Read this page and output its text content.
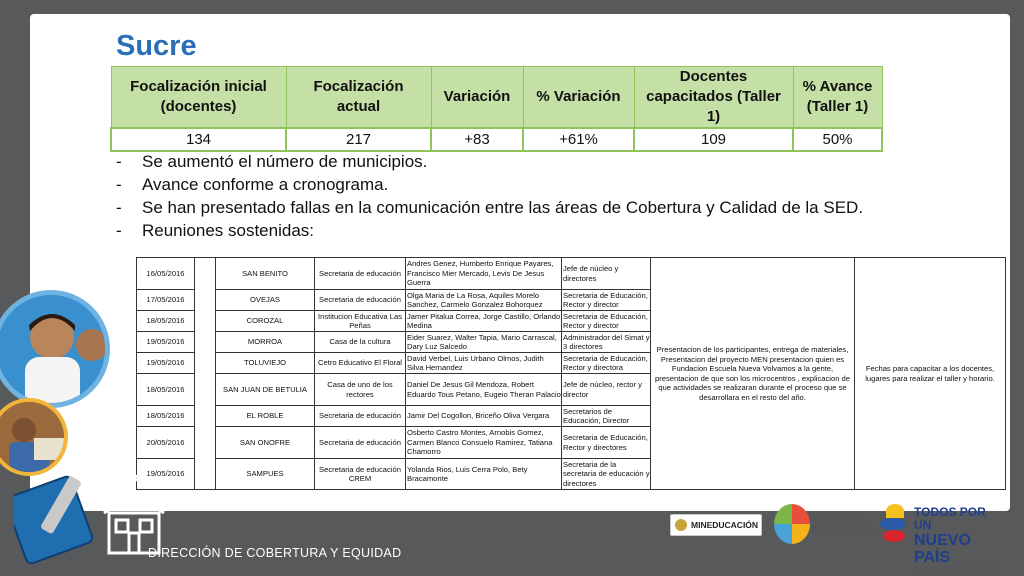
Sucre
Focalización inicial (docentes)	Focalización actual	Variación	% Variación	Docentes capacitados (Taller 1)	% Avance (Taller 1)
134	217	+83	+61%	109	50%
- Se aumentó el número de municipios.
- Avance conforme a cronograma.
- Se han presentado fallas en la comunicación entre las áreas de Cobertura y Calidad de la SED.
- Reuniones sostenidas:
16/05/2016		SAN BENITO	Secretaria de educación	Andres Genez, Humberto Enrique Payares, Francisco Mier Mercado, Levis De Jesus Guerra	Jefe de núcleo y directores	Presentacion de los participantes, entrega de materiales, Presentacion del proyecto MEN presentacion quien es Fundacion Escuela Nueva Volvamos a la gente, presentacion de que son los microcentros , explicacion de que actividades se realizaran durante el proceso que se desarrollara en el resto del año.	Fechas para capacitar a los docentes, lugares para realizar el taller y horario.
17/05/2016		OVEJAS	Secretaria de educación	Olga Maria de La Rosa, Aquiles Morelo Sanchez, Carmelo Gonzalez Bohorquez	Secretaria de Educación, Rector y director		
18/05/2016		COROZAL	Institucion Educativa Las Peñas	Jamer Pitalua Correa, Jorge Castillo, Orlando Medina	Secretaria de Educación, Rector y director		
19/05/2016		MORROA	Casa de la cultura	Eider Suarez, Walter Tapia, Mario Carrascal, Dary Luz Salcedo	Administrador del Simat y 3 directores		
19/05/2016		TOLUVIEJO	Cetro Educativo El Floral	David Verbel, Luis Urbano Olmos, Judith Silva Hernandez	Secretaria de Educación, Rector y directora		
18/05/2016		SAN JUAN DE BETULIA	Casa de uno de los rectores	Daniel De Jesus Gil Mendoza, Robert Eduardo Tous Petano, Eugeio Theran Palacio	Jefe de núcleo, rector y director		
18/05/2016		EL ROBLE	Secretaria de educación	Jamir Del Cogollon, Briceño Oliva Vergara	Secretarios de Educación, Director		
20/05/2016		SAN ONOFRE	Secretaria de educación	Osberto Castro Montes, Arnobis Gomez, Carmen Blanco Consuelo Ramirez, Tatiana Chamorro	Secretaria de Educación, Rector y directores		
19/05/2016		SAMPUES	Secretaria de educación CREM	Yolanda Rios, Luis Cerra Polo, Bety Bracamonte	Secretaria de la secretaria de educación y directores		
DIRECCIÓN DE COBERTURA Y EQUIDAD
MINEDUCACIÓN	Fundación
Escuela Nueva
TODOS POR UN
NUEVO PAÍS
PAZ EQUIDAD EDUCACIÓN
